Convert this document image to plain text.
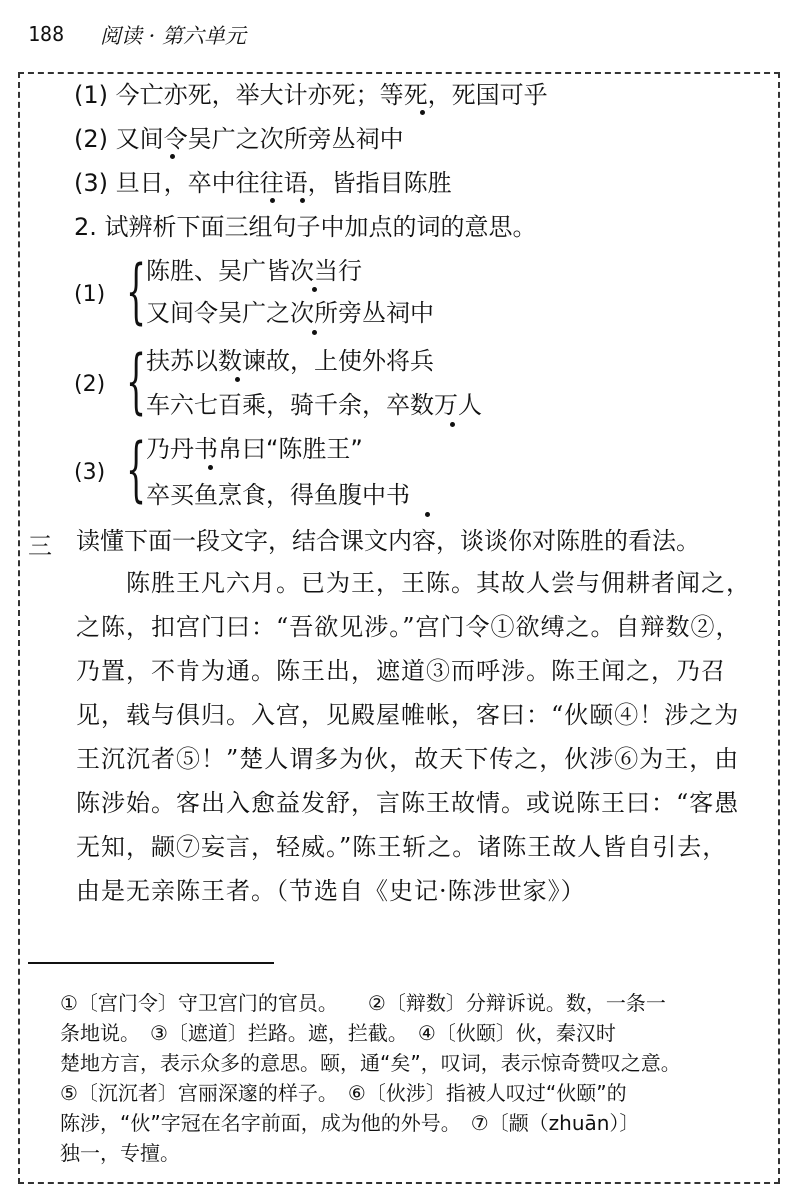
188 阅读 · 第六单元
(1) 今亡亦死，举大计亦死；等死，死国可乎
(2) 又间令吴广之次所旁丛祠中
(3) 旦日，卒中往往语，皆指目陈胜
2. 试辨析下面三组句子中加点的词的意思。
(1) { 陈胜、吴广皆次当行
又间令吴广之次所旁丛祠中
(2) { 扶苏以数谏故，上使外将兵
车六七百乘，骑千余，卒数万人
(3) { 乃丹书帛曰“陈胜王”
卒买鱼烹食，得鱼腹中书
三 读懂下面一段文字，结合课文内容，谈谈你对陈胜的看法。
　　陈胜王凡六月。已为王，王陈。其故人尝与佣耕者闻之，
之陈，扣宫门曰：“吾欲见涉。”宫门令①欲缚之。自辩数②，
乃置，不肯为通。陈王出，遮道③而呼涉。陈王闻之，乃召
见，载与俱归。入宫，见殿屋帷帐，客曰：“伙颐④！涉之为
王沉沉者⑤！”楚人谓多为伙，故天下传之，伙涉⑥为王，由
陈涉始。客出入愈益发舒，言陈王故情。或说陈王曰：“客愚
无知，颛⑦妄言，轻威。”陈王斩之。诸陈王故人皆自引去，
由是无亲陈王者。（节选自《史记·陈涉世家》）
①〔宫门令〕守卫宫门的官员。　　②〔辩数〕分辩诉说。数，一条一
条地说。　③〔遮道〕拦路。遮，拦截。　④〔伙颐〕伙，秦汉时
楚地方言，表示众多的意思。颐，通“矣”，叹词，表示惊奇赞叹之意。
⑤〔沉沉者〕宫丽深邃的样子。　⑥〔伙涉〕指被人叹过“伙颐”的
陈涉，“伙”字冠在名字前面，成为他的外号。　⑦〔颛（zhuān）〕
独一，专擅。
